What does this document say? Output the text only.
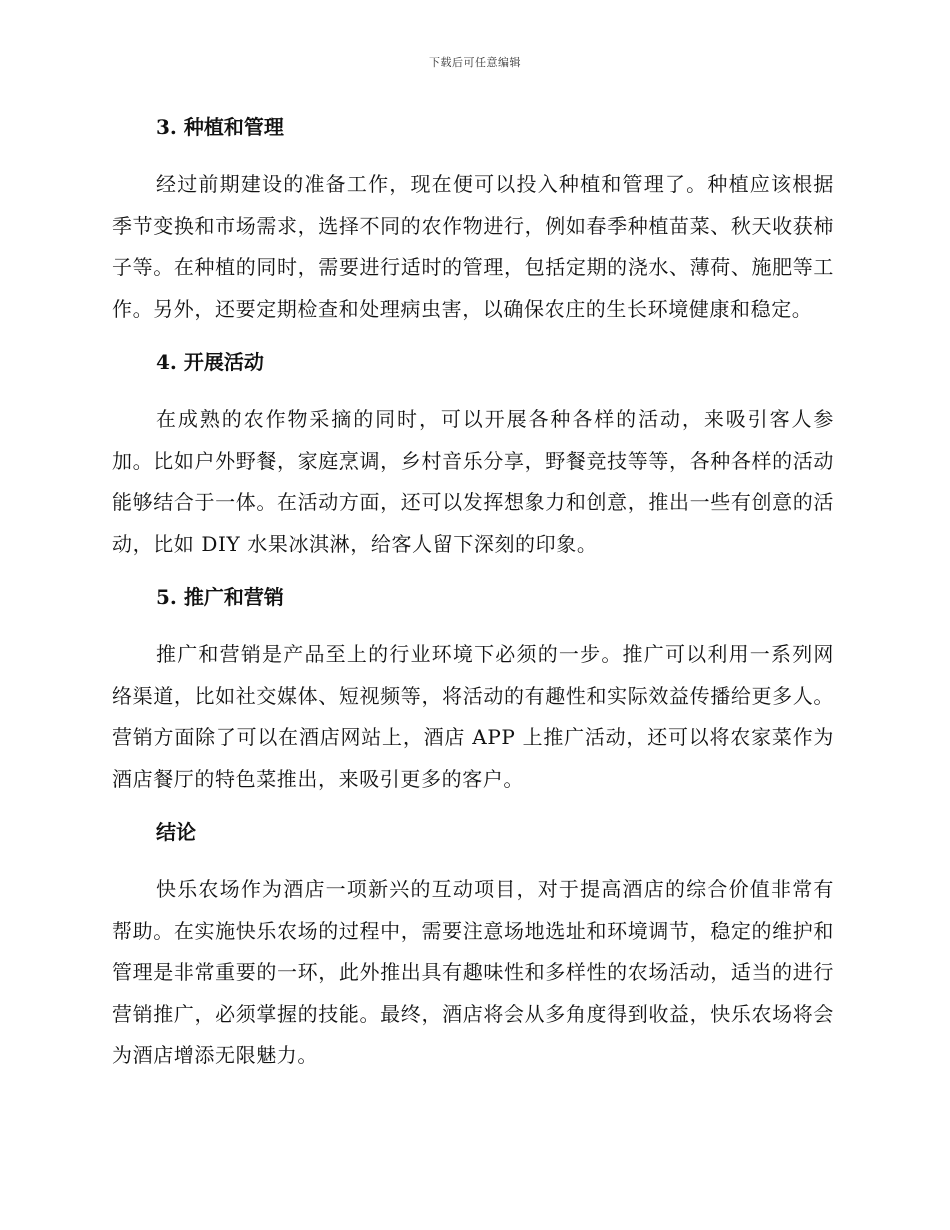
下载后可任意编辑
3. 种植和管理

经过前期建设的准备工作，现在便可以投入种植和管理了。种植应该根据季节变换和市场需求，选择不同的农作物进行，例如春季种植苗菜、秋天收获柿子等。在种植的同时，需要进行适时的管理，包括定期的浇水、薄荷、施肥等工作。另外，还要定期检查和处理病虫害，以确保农庄的生长环境健康和稳定。

4. 开展活动

在成熟的农作物采摘的同时，可以开展各种各样的活动，来吸引客人参加。比如户外野餐，家庭烹调，乡村音乐分享，野餐竞技等等，各种各样的活动能够结合于一体。在活动方面，还可以发挥想象力和创意，推出一些有创意的活动，比如 DIY 水果冰淇淋，给客人留下深刻的印象。

5. 推广和营销

推广和营销是产品至上的行业环境下必须的一步。推广可以利用一系列网络渠道，比如社交媒体、短视频等，将活动的有趣性和实际效益传播给更多人。营销方面除了可以在酒店网站上，酒店 APP 上推广活动，还可以将农家菜作为酒店餐厅的特色菜推出，来吸引更多的客户。

结论

快乐农场作为酒店一项新兴的互动项目，对于提高酒店的综合价值非常有帮助。在实施快乐农场的过程中，需要注意场地选址和环境调节，稳定的维护和管理是非常重要的一环，此外推出具有趣味性和多样性的农场活动，适当的进行营销推广，必须掌握的技能。最终，酒店将会从多角度得到收益，快乐农场将会为酒店增添无限魅力。
